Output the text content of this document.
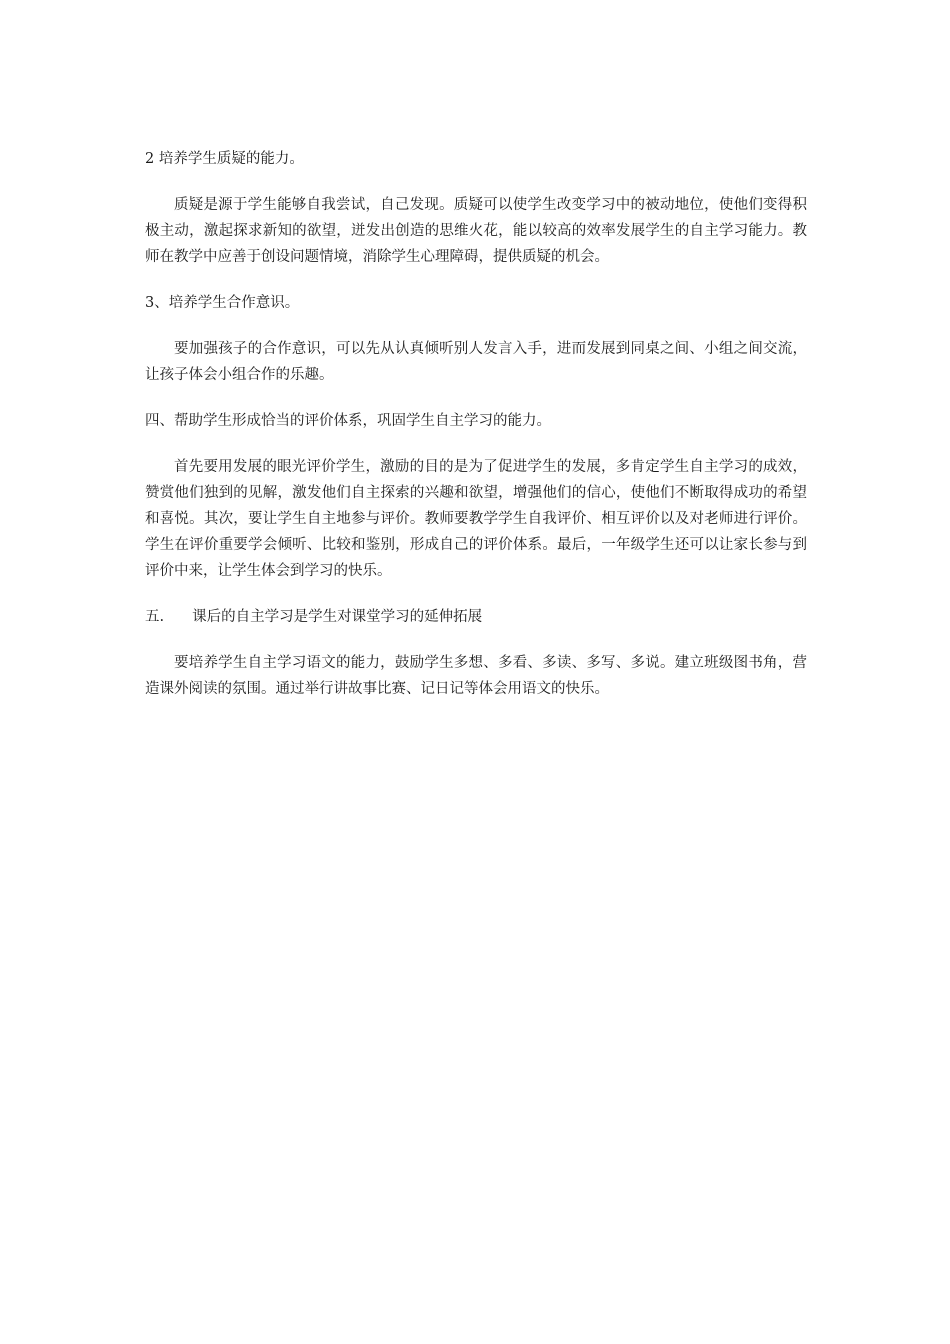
2 培养学生质疑的能力。
质疑是源于学生能够自我尝试，自己发现。质疑可以使学生改变学习中的被动地位，使他们变得积极主动，激起探求新知的欲望，迸发出创造的思维火花，能以较高的效率发展学生的自主学习能力。教师在教学中应善于创设问题情境，消除学生心理障碍，提供质疑的机会。
3、培养学生合作意识。
要加强孩子的合作意识，可以先从认真倾听别人发言入手，进而发展到同桌之间、小组之间交流，让孩子体会小组合作的乐趣。
四、帮助学生形成恰当的评价体系，巩固学生自主学习的能力。
首先要用发展的眼光评价学生，激励的目的是为了促进学生的发展，多肯定学生自主学习的成效，赞赏他们独到的见解，激发他们自主探索的兴趣和欲望，增强他们的信心，使他们不断取得成功的希望和喜悦。其次，要让学生自主地参与评价。教师要教学学生自我评价、相互评价以及对老师进行评价。学生在评价重要学会倾听、比较和鉴别，形成自己的评价体系。最后，一年级学生还可以让家长参与到评价中来，让学生体会到学习的快乐。
五. 课后的自主学习是学生对课堂学习的延伸拓展
要培养学生自主学习语文的能力，鼓励学生多想、多看、多读、多写、多说。建立班级图书角，营造课外阅读的氛围。通过举行讲故事比赛、记日记等体会用语文的快乐。
